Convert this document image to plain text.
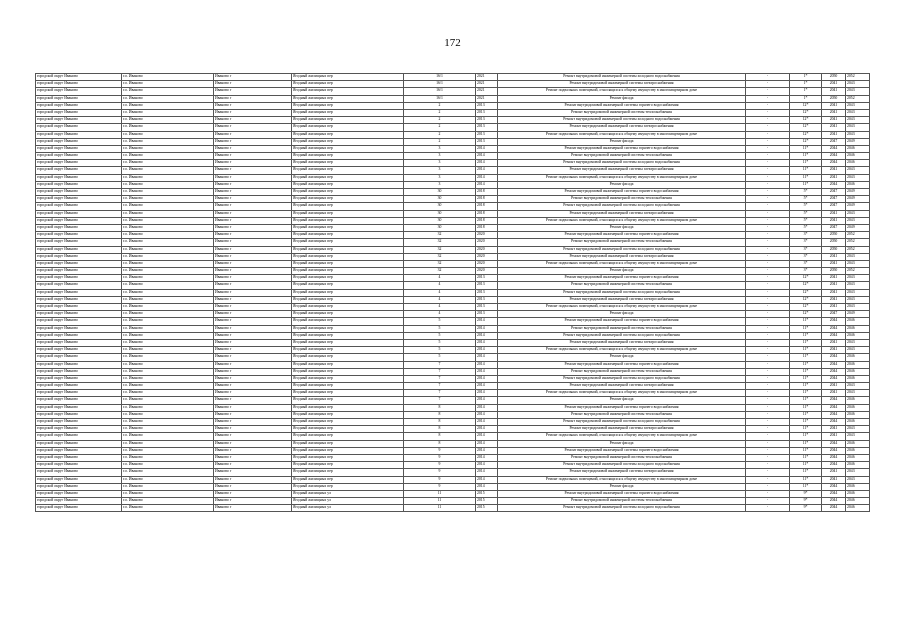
172
городской округ Иваново	г.о. Иваново	Иваново г	Ягодный жилищных пер	16/1	2021	Ремонт внутридомовой инженерной системы холодного водоснабжения	-	1*	2050	2052
городской округ Иваново	г.о. Иваново	Иваново г	Ягодный жилищных пер	16/1	2021	Ремонт внутридомовой инженерной системы электроснабжения	-	1*	2041	2043
городской округ Иваново	г.о. Иваново	Иваново г	Ягодный жилищных пер	16/1	2021	Ремонт подвальных помещений, относящихся к общему имуществу в многоквартирном доме	-	1*	2041	2043
городской округ Иваново	г.о. Иваново	Иваново г	Ягодный жилищных пер	16/1	2021	Ремонт фасада	-	1*	2050	2052
городской округ Иваново	г.о. Иваново	Иваново г	Ягодный жилищных пер	2	2013	Ремонт внутридомовой инженерной системы горячего водоснабжения	-	12*	2041	2043
городской округ Иваново	г.о. Иваново	Иваново г	Ягодный жилищных пер	2	2013	Ремонт внутридомовой инженерной системы теплоснабжения	-	12*	2041	2043
городской округ Иваново	г.о. Иваново	Иваново г	Ягодный жилищных пер	2	2013	Ремонт внутридомовой инженерной системы холодного водоснабжения	-	12*	2041	2043
городской округ Иваново	г.о. Иваново	Иваново г	Ягодный жилищных пер	2	2013	Ремонт внутридомовой инженерной системы электроснабжения	-	12*	2041	2043
городской округ Иваново	г.о. Иваново	Иваново г	Ягодный жилищных пер	2	2013	Ремонт подвальных помещений, относящихся к общему имуществу в многоквартирном доме	-	12*	2041	2043
городской округ Иваново	г.о. Иваново	Иваново г	Ягодный жилищных пер	2	2013	Ремонт фасада	-	12*	2047	2049
городской округ Иваново	г.о. Иваново	Иваново г	Ягодный жилищных пер	3	2014	Ремонт внутридомовой инженерной системы горячего водоснабжения	-	11*	2044	2046
городской округ Иваново	г.о. Иваново	Иваново г	Ягодный жилищных пер	3	2014	Ремонт внутридомовой инженерной системы теплоснабжения	-	11*	2044	2046
городской округ Иваново	г.о. Иваново	Иваново г	Ягодный жилищных пер	3	2014	Ремонт внутридомовой инженерной системы холодного водоснабжения	-	11*	2044	2046
городской округ Иваново	г.о. Иваново	Иваново г	Ягодный жилищных пер	3	2014	Ремонт внутридомовой инженерной системы электроснабжения	-	11*	2041	2043
городской округ Иваново	г.о. Иваново	Иваново г	Ягодный жилищных пер	3	2014	Ремонт подвальных помещений, относящихся к общему имуществу в многоквартирном доме	-	11*	2041	2043
городской округ Иваново	г.о. Иваново	Иваново г	Ягодный жилищных пер	3	2014	Ремонт фасада	-	11*	2044	2046
городской округ Иваново	г.о. Иваново	Иваново г	Ягодный жилищных пер	30	2018	Ремонт внутридомовой инженерной системы горячего водоснабжения	-	5*	2047	2049
городской округ Иваново	г.о. Иваново	Иваново г	Ягодный жилищных пер	30	2018	Ремонт внутридомовой инженерной системы теплоснабжения	-	5*	2047	2049
городской округ Иваново	г.о. Иваново	Иваново г	Ягодный жилищных пер	30	2018	Ремонт внутридомовой инженерной системы холодного водоснабжения	-	5*	2047	2049
городской округ Иваново	г.о. Иваново	Иваново г	Ягодный жилищных пер	30	2018	Ремонт внутридомовой инженерной системы электроснабжения	-	5*	2041	2043
городской округ Иваново	г.о. Иваново	Иваново г	Ягодный жилищных пер	30	2018	Ремонт подвальных помещений, относящихся к общему имуществу в многоквартирном доме	-	5*	2041	2043
городской округ Иваново	г.о. Иваново	Иваново г	Ягодный жилищных пер	30	2018	Ремонт фасада	-	5*	2047	2049
городской округ Иваново	г.о. Иваново	Иваново г	Ягодный жилищных пер	32	2020	Ремонт внутридомовой инженерной системы горячего водоснабжения	-	3*	2050	2052
городской округ Иваново	г.о. Иваново	Иваново г	Ягодный жилищных пер	32	2020	Ремонт внутридомовой инженерной системы теплоснабжения	-	3*	2050	2052
городской округ Иваново	г.о. Иваново	Иваново г	Ягодный жилищных пер	32	2020	Ремонт внутридомовой инженерной системы холодного водоснабжения	-	3*	2050	2052
городской округ Иваново	г.о. Иваново	Иваново г	Ягодный жилищных пер	32	2020	Ремонт внутридомовой инженерной системы электроснабжения	-	3*	2041	2043
городской округ Иваново	г.о. Иваново	Иваново г	Ягодный жилищных пер	32	2020	Ремонт подвальных помещений, относящихся к общему имуществу в многоквартирном доме	-	3*	2041	2043
городской округ Иваново	г.о. Иваново	Иваново г	Ягодный жилищных пер	32	2020	Ремонт фасада	-	3*	2050	2052
городской округ Иваново	г.о. Иваново	Иваново г	Ягодный жилищных пер	4	2013	Ремонт внутридомовой инженерной системы горячего водоснабжения	-	12*	2041	2043
городской округ Иваново	г.о. Иваново	Иваново г	Ягодный жилищных пер	4	2013	Ремонт внутридомовой инженерной системы теплоснабжения	-	12*	2041	2043
городской округ Иваново	г.о. Иваново	Иваново г	Ягодный жилищных пер	4	2013	Ремонт внутридомовой инженерной системы холодного водоснабжения	-	12*	2041	2043
городской округ Иваново	г.о. Иваново	Иваново г	Ягодный жилищных пер	4	2013	Ремонт внутридомовой инженерной системы электроснабжения	-	12*	2041	2043
городской округ Иваново	г.о. Иваново	Иваново г	Ягодный жилищных пер	4	2013	Ремонт подвальных помещений, относящихся к общему имуществу в многоквартирном доме	-	12*	2041	2043
городской округ Иваново	г.о. Иваново	Иваново г	Ягодный жилищных пер	4	2013	Ремонт фасада	-	12*	2047	2049
городской округ Иваново	г.о. Иваново	Иваново г	Ягодный жилищных пер	5	2014	Ремонт внутридомовой инженерной системы горячего водоснабжения	-	11*	2044	2046
городской округ Иваново	г.о. Иваново	Иваново г	Ягодный жилищных пер	5	2014	Ремонт внутридомовой инженерной системы теплоснабжения	-	11*	2044	2046
городской округ Иваново	г.о. Иваново	Иваново г	Ягодный жилищных пер	5	2014	Ремонт внутридомовой инженерной системы холодного водоснабжения	-	11*	2044	2046
городской округ Иваново	г.о. Иваново	Иваново г	Ягодный жилищных пер	5	2014	Ремонт внутридомовой инженерной системы электроснабжения	-	11*	2041	2043
городской округ Иваново	г.о. Иваново	Иваново г	Ягодный жилищных пер	5	2014	Ремонт подвальных помещений, относящихся к общему имуществу в многоквартирном доме	-	11*	2041	2043
городской округ Иваново	г.о. Иваново	Иваново г	Ягодный жилищных пер	5	2014	Ремонт фасада	-	11*	2044	2046
городской округ Иваново	г.о. Иваново	Иваново г	Ягодный жилищных пер	7	2014	Ремонт внутридомовой инженерной системы горячего водоснабжения	-	11*	2044	2046
городской округ Иваново	г.о. Иваново	Иваново г	Ягодный жилищных пер	7	2014	Ремонт внутридомовой инженерной системы теплоснабжения	-	11*	2044	2046
городской округ Иваново	г.о. Иваново	Иваново г	Ягодный жилищных пер	7	2014	Ремонт внутридомовой инженерной системы холодного водоснабжения	-	11*	2044	2046
городской округ Иваново	г.о. Иваново	Иваново г	Ягодный жилищных пер	7	2014	Ремонт внутридомовой инженерной системы электроснабжения	-	11*	2041	2043
городской округ Иваново	г.о. Иваново	Иваново г	Ягодный жилищных пер	7	2014	Ремонт подвальных помещений, относящихся к общему имуществу в многоквартирном доме	-	11*	2041	2043
городской округ Иваново	г.о. Иваново	Иваново г	Ягодный жилищных пер	7	2014	Ремонт фасада	-	11*	2044	2046
городской округ Иваново	г.о. Иваново	Иваново г	Ягодный жилищных пер	8	2014	Ремонт внутридомовой инженерной системы горячего водоснабжения	-	11*	2044	2046
городской округ Иваново	г.о. Иваново	Иваново г	Ягодный жилищных пер	8	2014	Ремонт внутридомовой инженерной системы теплоснабжения	-	11*	2044	2046
городской округ Иваново	г.о. Иваново	Иваново г	Ягодный жилищных пер	8	2014	Ремонт внутридомовой инженерной системы холодного водоснабжения	-	11*	2044	2046
городской округ Иваново	г.о. Иваново	Иваново г	Ягодный жилищных пер	8	2014	Ремонт внутридомовой инженерной системы электроснабжения	-	11*	2041	2043
городской округ Иваново	г.о. Иваново	Иваново г	Ягодный жилищных пер	8	2014	Ремонт подвальных помещений, относящихся к общему имуществу в многоквартирном доме	-	11*	2041	2043
городской округ Иваново	г.о. Иваново	Иваново г	Ягодный жилищных пер	8	2014	Ремонт фасада	-	11*	2044	2046
городской округ Иваново	г.о. Иваново	Иваново г	Ягодный жилищных пер	9	2014	Ремонт внутридомовой инженерной системы горячего водоснабжения	-	11*	2044	2046
городской округ Иваново	г.о. Иваново	Иваново г	Ягодный жилищных пер	9	2014	Ремонт внутридомовой инженерной системы теплоснабжения	-	11*	2044	2046
городской округ Иваново	г.о. Иваново	Иваново г	Ягодный жилищных пер	9	2014	Ремонт внутридомовой инженерной системы холодного водоснабжения	-	11*	2044	2046
городской округ Иваново	г.о. Иваново	Иваново г	Ягодный жилищных пер	9	2014	Ремонт внутридомовой инженерной системы электроснабжения	-	11*	2041	2043
городской округ Иваново	г.о. Иваново	Иваново г	Ягодный жилищных пер	9	2014	Ремонт подвальных помещений, относящихся к общему имуществу в многоквартирном доме	-	11*	2041	2043
городской округ Иваново	г.о. Иваново	Иваново г	Ягодный жилищных пер	9	2014	Ремонт фасада	-	11*	2044	2046
городской округ Иваново	г.о. Иваново	Иваново г	Ягодный жилищных ул	11	2015	Ремонт внутридомовой инженерной системы горячего водоснабжения	-	9*	2044	2046
городской округ Иваново	г.о. Иваново	Иваново г	Ягодный жилищных ул	11	2015	Ремонт внутридомовой инженерной системы теплоснабжения	-	9*	2044	2046
городской округ Иваново	г.о. Иваново	Иваново г	Ягодный жилищных ул	11	2015	Ремонт внутридомовой инженерной системы холодного водоснабжения	-	9*	2044	2046
